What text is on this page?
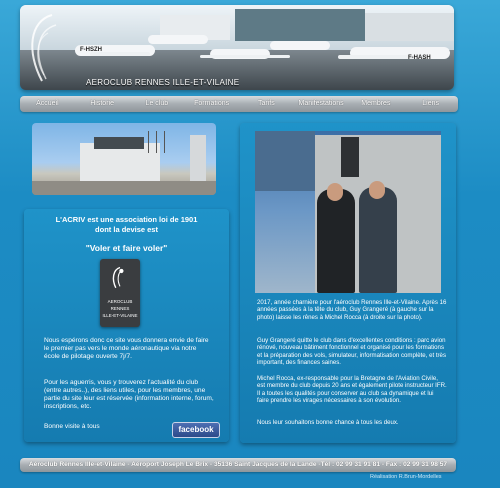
F-HSZH
F-HASH
AEROCLUB RENNES ILLE-ET-VILAINE
Accueil	Historie	Le club	Formations	Tarifs	Manifestations	Membres	Liens
L'ACRIV est une association loi de 1901
dont la devise est
"Voler et faire voler"
AEROCLUB
RENNES
ILLE-ET-VILAINE
Nous espérons donc ce site vous donnera envie de faire le premier pas vers le monde aéronautique via notre école de pilotage ouverte 7j/7.
Pour les aguerris, vous y trouverez l'actualité du club (entre autres..), des liens utiles, pour les membres, une partie du site leur est réservée (information interne, forum, inscriptions, etc.
Bonne visite à tous	facebook
2017, année charnière pour l'aéroclub Rennes Ille-et-Vilaine. Après 16 années passées à la tête du club, Guy Grangeré (à gauche sur la photo) laisse les rênes à Michel Rocca (à droite sur la photo).
Guy Grangeré quitte le club dans d'excellentes conditions : parc avion rénové, nouveau bâtiment fonctionnel et organisé pour les formations et la préparation des vols, simulateur, informatisation complète, et très important, des finances saines.
Michel Rocca, ex-responsable pour la Bretagne de l'Aviation Civile, est membre du club depuis 20 ans et également pilote instructeur IFR. Il a toutes les qualités pour conserver au club sa dynamique et lui faire prendre les virages nécessaires à son évolution.
Nous leur souhaitons bonne chance à tous les deux.
Aéroclub Rennes Ille-et-Vilaine - Aéroport Joseph Le Brix - 35136 Saint Jacques de la Lande -Tél : 02 99 31 91 81 - Fax : 02 99 31 98 57
Réalisation R.Brun-Mordelles
